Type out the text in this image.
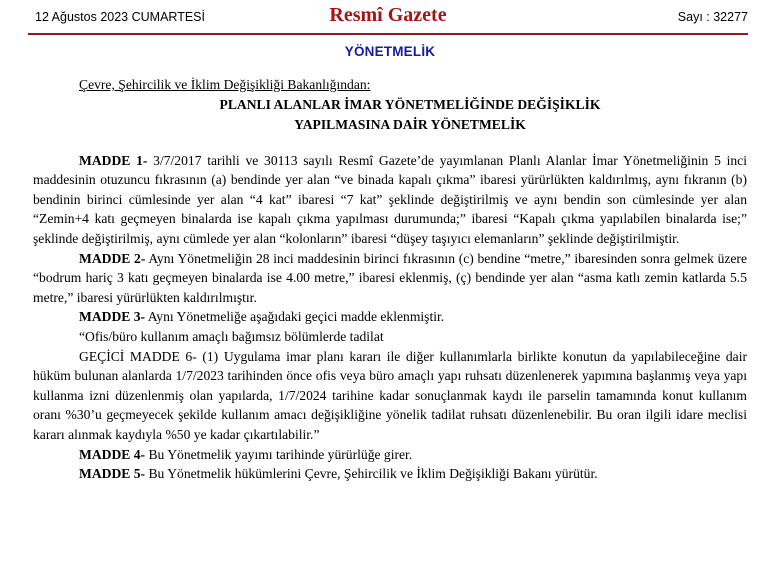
12 Ağustos 2023 CUMARTESİ	Resmî Gazete	Sayı : 32277
YÖNETMELİK
Çevre, Şehircilik ve İklim Değişikliği Bakanlığından:
PLANLI ALANLAR İMAR YÖNETMELİĞİNDE DEĞİŞİKLİK
YAPILMASINA DAİR YÖNETMELİK

MADDE 1- 3/7/2017 tarihli ve 30113 sayılı Resmî Gazete’de yayımlanan Planlı Alanlar İmar Yönetmeliğinin 5 inci maddesinin otuzuncu fıkrasının (a) bendinde yer alan “ve binada kapalı çıkma” ibaresi yürürlükten kaldırılmış, aynı fıkranın (b) bendinin birinci cümlesinde yer alan “4 kat” ibaresi “7 kat” şeklinde değiştirilmiş ve aynı bendin son cümlesinde yer alan “Zemin+4 katı geçmeyen binalarda ise kapalı çıkma yapılması durumunda;” ibaresi “Kapalı çıkma yapılabilen binalarda ise;” şeklinde değiştirilmiş, aynı cümlede yer alan “kolonların” ibaresi “düşey taşıyıcı elemanların” şeklinde değiştirilmiştir.

MADDE 2- Aynı Yönetmeliğin 28 inci maddesinin birinci fıkrasının (c) bendine “metre,” ibaresinden sonra gelmek üzere “bodrum hariç 3 katı geçmeyen binalarda ise 4.00 metre,” ibaresi eklenmiş, (ç) bendinde yer alan “asma katlı zemin katlarda 5.5 metre,” ibaresi yürürlükten kaldırılmıştır.

MADDE 3- Aynı Yönetmeliğe aşağıdaki geçici madde eklenmiştir.

“Ofis/büro kullanım amaçlı bağımsız bölümlerde tadilat

GEÇİCİ MADDE 6- (1) Uygulama imar planı kararı ile diğer kullanımlarla birlikte konutun da yapılabileceğine dair hüküm bulunan alanlarda 1/7/2023 tarihinden önce ofis veya büro amaçlı yapı ruhsatı düzenlenerek yapımına başlanmış veya yapı kullanma izni düzenlenmiş olan yapılarda, 1/7/2024 tarihine kadar sonuçlanmak kaydı ile parselin tamamında konut kullanım oranı %30’u geçmeyecek şekilde kullanım amacı değişikliğine yönelik tadilat ruhsatı düzenlenebilir. Bu oran ilgili idare meclisi kararı alınmak kaydıyla %50 ye kadar çıkartılabilir.”

MADDE 4- Bu Yönetmelik yayımı tarihinde yürürlüğe girer.

MADDE 5- Bu Yönetmelik hükümlerini Çevre, Şehircilik ve İklim Değişikliği Bakanı yürütür.
